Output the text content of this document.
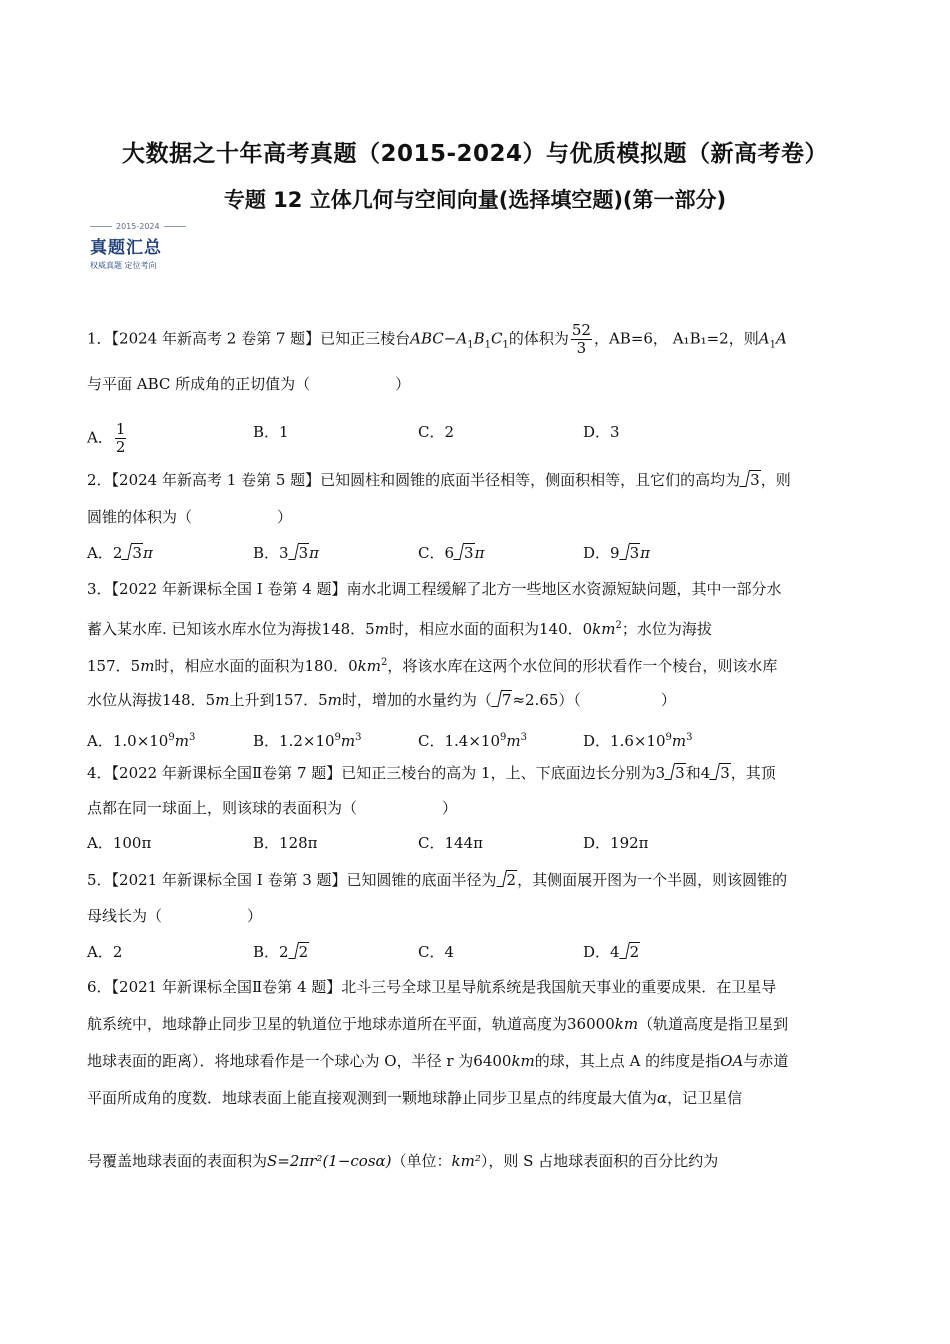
大数据之十年高考真题（2015-2024）与优质模拟题（新高考卷）
专题 12 立体几何与空间向量(选择填空题)(第一部分)
2015-2024
真题汇总
权威真题 定位考向
1．【2024 年新高考 2 卷第 7 题】已知正三棱台$ABC-A_1B_1C_1$的体积为 $\frac{52}{3}$ ，AB=6， A₁B₁=2，则$A_1A$
与平面 ABC 所成角的正切值为（	）
A． $\frac{1}{2}$	B．1	C．2	D．3
2．【2024 年新高考 1 卷第 5 题】已知圆柱和圆锥的底面半径相等，侧面积相等，且它们的高均为 3，则
圆锥的体积为（	）
A．2 3π	B．3 3π	C．6 3π	D．9 3π
3．【2022 年新课标全国 I 卷第 4 题】南水北调工程缓解了北方一些地区水资源短缺问题，其中一部分水
蓄入某水库. 已知该水库水位为海拔148．5m时，相应水面的面积为140．$0km^2$；水位为海拔
157．5m时，相应水面的面积为180．$0km^2$，将该水库在这两个水位间的形状看作一个棱台，则该水库
水位从海拔148．5m上升到157．5m时，增加的水量约为（ 7≈2.65）（	）
A．$1.0\times 10^9m^3$	B．$1.2\times 10^9m^3$	C．$1.4\times 10^9m^3$	D．$1.6\times 10^9m^3$
4．【2022 年新课标全国Ⅱ卷第 7 题】已知正三棱台的高为 1，上、下底面边长分别为3 3和4 3，其顶
点都在同一球面上，则该球的表面积为（	）
A．100π	B．128π	C．144π	D．192π
5．【2021 年新课标全国 I 卷第 3 题】已知圆锥的底面半径为 2，其侧面展开图为一个半圆，则该圆锥的
母线长为（	）
A．2	B．2 2	C．4	D．4 2
6．【2021 年新课标全国Ⅱ卷第 4 题】北斗三号全球卫星导航系统是我国航天事业的重要成果．在卫星导
航系统中，地球静止同步卫星的轨道位于地球赤道所在平面，轨道高度为36000km（轨道高度是指卫星到
地球表面的距离）．将地球看作是一个球心为 O，半径 r 为6400km的球，其上点 A 的纬度是指OA与赤道
平面所成角的度数．地球表面上能直接观测到一颗地球静止同步卫星点的纬度最大值为α，记卫星信
号覆盖地球表面的表面积为S=2πr²(1−cosα)（单位：km²），则 S 占地球表面积的百分比约为
